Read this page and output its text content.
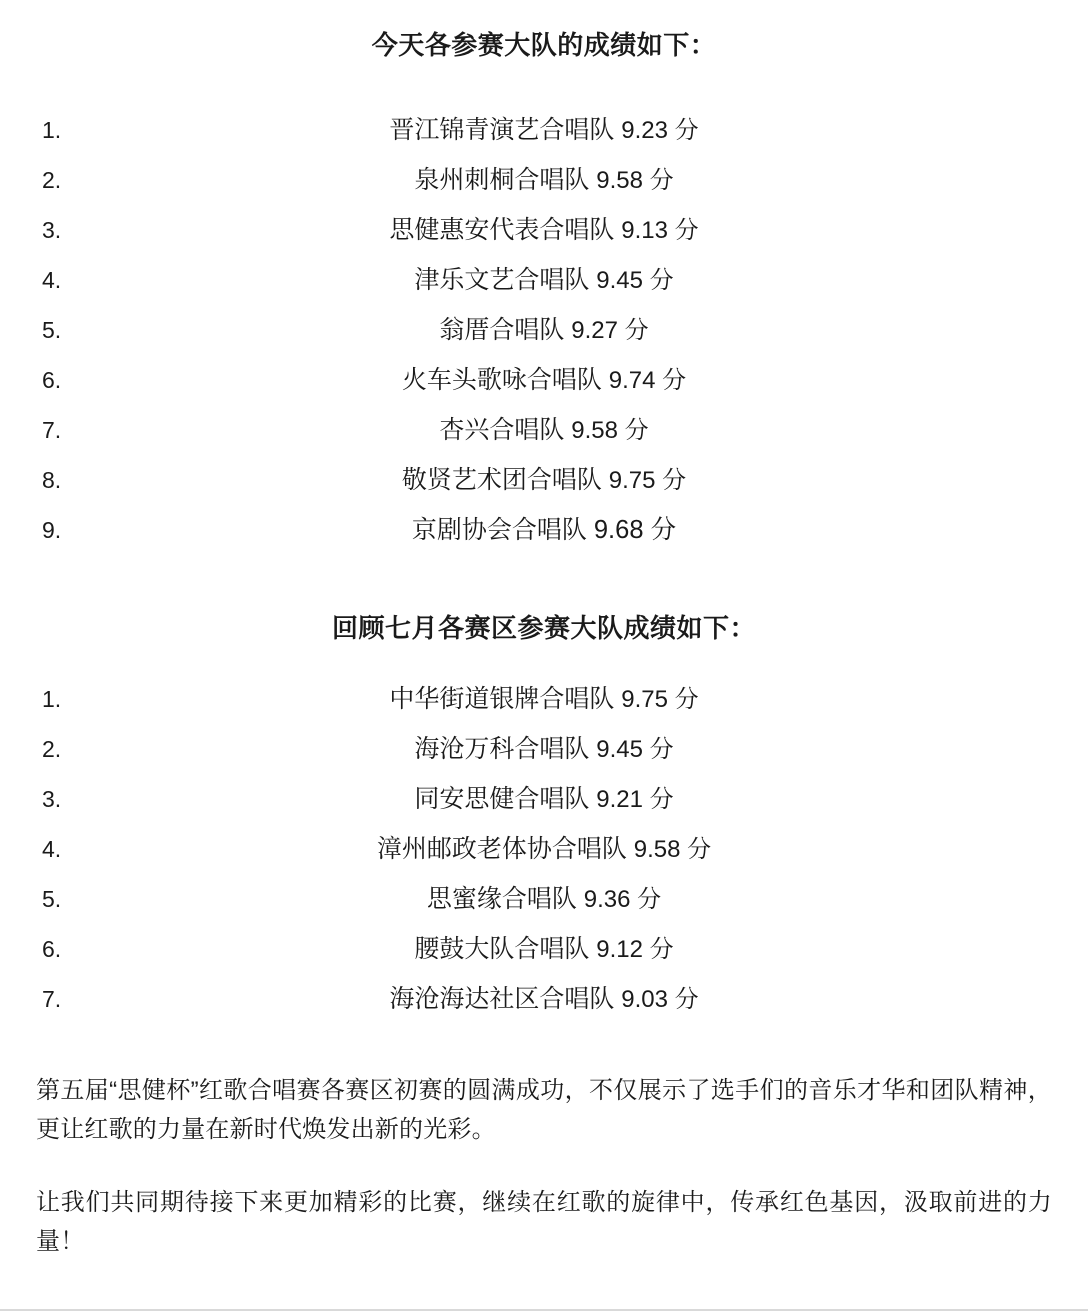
今天各参赛大队的成绩如下：
1.	晋江锦青演艺合唱队 9.23 分
2.	泉州刺桐合唱队 9.58 分
3.	思健惠安代表合唱队 9.13 分
4.	津乐文艺合唱队 9.45 分
5.	翁厝合唱队 9.27 分
6.	火车头歌咏合唱队 9.74 分
7.	杏兴合唱队 9.58 分
8.	敬贤艺术团合唱队 9.75 分
9.	京剧协会合唱队 9.68 分
回顾七月各赛区参赛大队成绩如下：
1.	中华街道银牌合唱队 9.75 分
2.	海沧万科合唱队 9.45 分
3.	同安思健合唱队 9.21 分
4.	漳州邮政老体协合唱队 9.58 分
5.	思蜜缘合唱队 9.36 分
6.	腰鼓大队合唱队 9.12 分
7.	海沧海达社区合唱队 9.03 分

第五届“思健杯”红歌合唱赛各赛区初赛的圆满成功，不仅展示了选手们的音乐才华和团队精神，更让红歌的力量在新时代焕发出新的光彩。

让我们共同期待接下来更加精彩的比赛，继续在红歌的旋律中，传承红色基因，汲取前进的力量！
